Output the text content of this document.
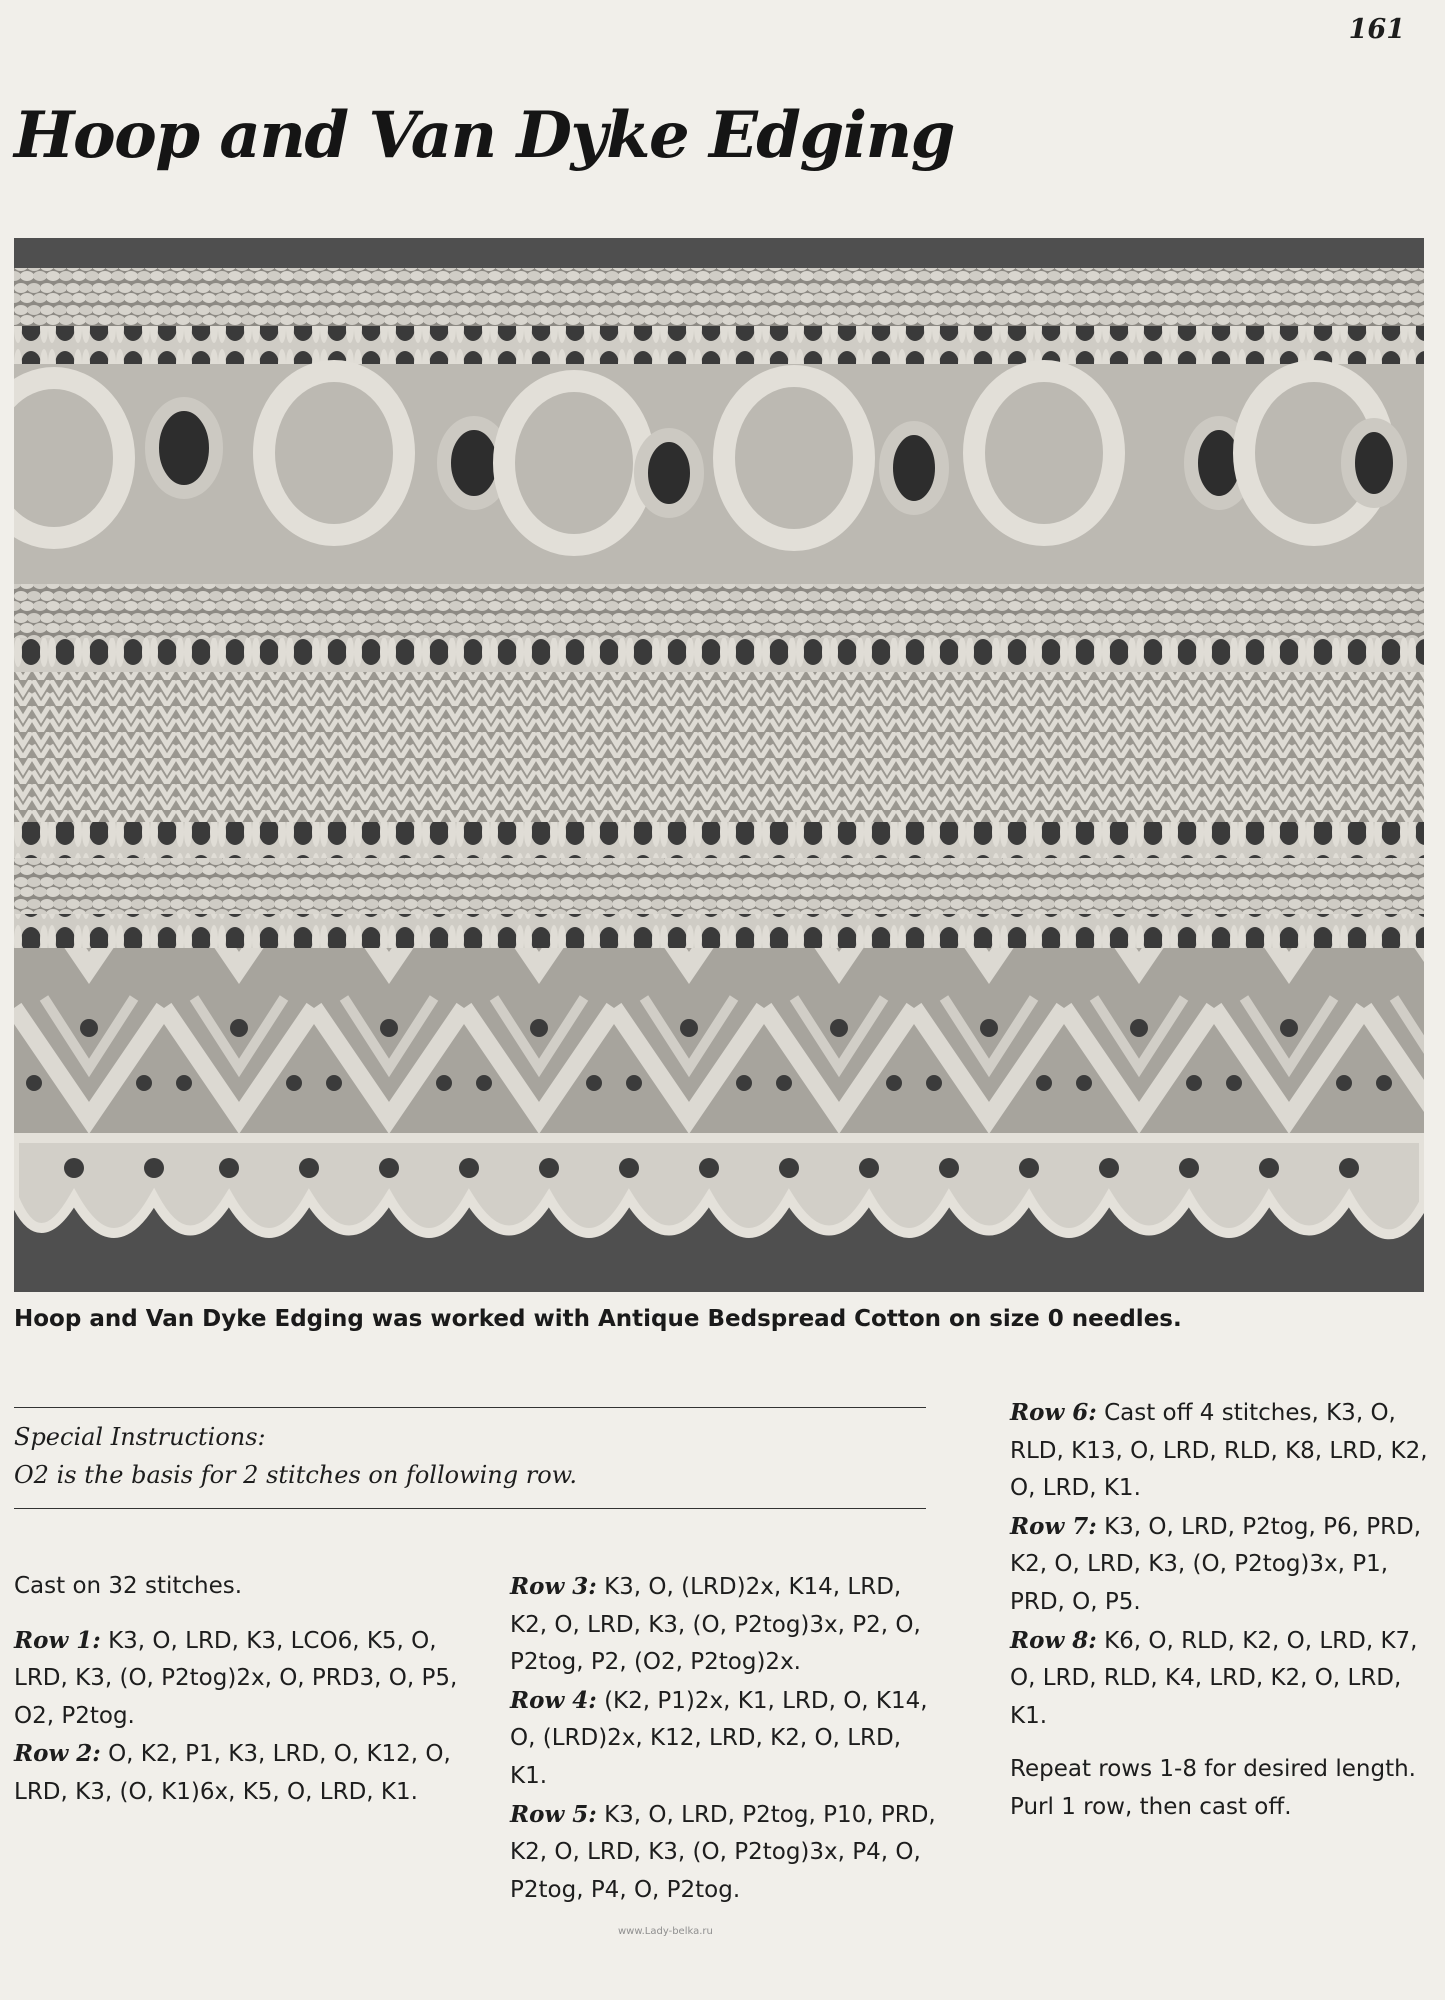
161
Hoop and Van Dyke Edging
Hoop and Van Dyke Edging was worked with Antique Bedspread Cotton on size 0 needles.
Special Instructions:
O2 is the basis for 2 stitches on following row.

Cast on 32 stitches.

Row 1: K3, O, LRD, K3, LCO6, K5, O, LRD, K3, (O, P2tog)2x, O, PRD3, O, P5, O2, P2tog.

Row 2: O, K2, P1, K3, LRD, O, K12, O, LRD, K3, (O, K1)6x, K5, O, LRD, K1.

Row 3: K3, O, (LRD)2x, K14, LRD, K2, O, LRD, K3, (O, P2tog)3x, P2, O, P2tog, P2, (O2, P2tog)2x.

Row 4: (K2, P1)2x, K1, LRD, O, K14, O, (LRD)2x, K12, LRD, K2, O, LRD, K1.

Row 5: K3, O, LRD, P2tog, P10, PRD, K2, O, LRD, K3, (O, P2tog)3x, P4, O, P2tog, P4, O, P2tog.

Row 6: Cast off 4 stitches, K3, O, RLD, K13, O, LRD, RLD, K8, LRD, K2, O, LRD, K1.

Row 7: K3, O, LRD, P2tog, P6, PRD, K2, O, LRD, K3, (O, P2tog)3x, P1, PRD, O, P5.

Row 8: K6, O, RLD, K2, O, LRD, K7, O, LRD, RLD, K4, LRD, K2, O, LRD, K1.

Repeat rows 1-8 for desired length. Purl 1 row, then cast off.

www.Lady-belka.ru
